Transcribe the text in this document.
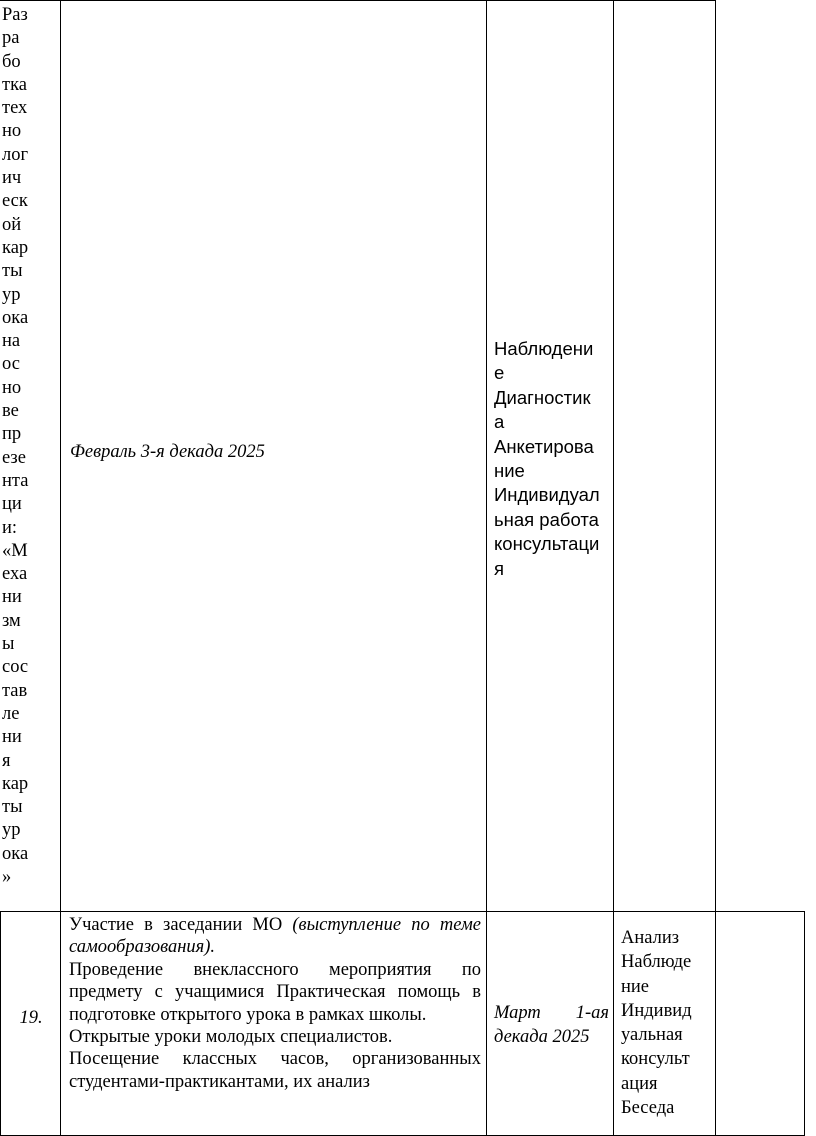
Раз
ра
бо
тка
тех
но
лог
ич
еск
ой
кар
ты
ур
ока
на
ос
но
ве
пр
езе
нта
ци
и:
«М
еха
ни
зм
ы
сос
тав
ле
ни
я
кар
ты
ур
ока
»
Февраль 3-я декада 2025
Наблюдени
е
Диагностик
а
Анкетирова
ние
Индивидуал
ьная работа
консультаци
я
19.

Участие в заседании МО (выступление по теме самообразования).

Проведение внеклассного мероприятия по предмету с учащимися Практическая помощь в подготовке открытого урока в рамках школы.

Открытые уроки молодых специалистов.

Посещение классных часов, организованных студентами-практикантами, их анализ

Март 1-ая декада 2025
Анализ
Наблюде
ние
Индивид
уальная
консульт
ация
Беседа
